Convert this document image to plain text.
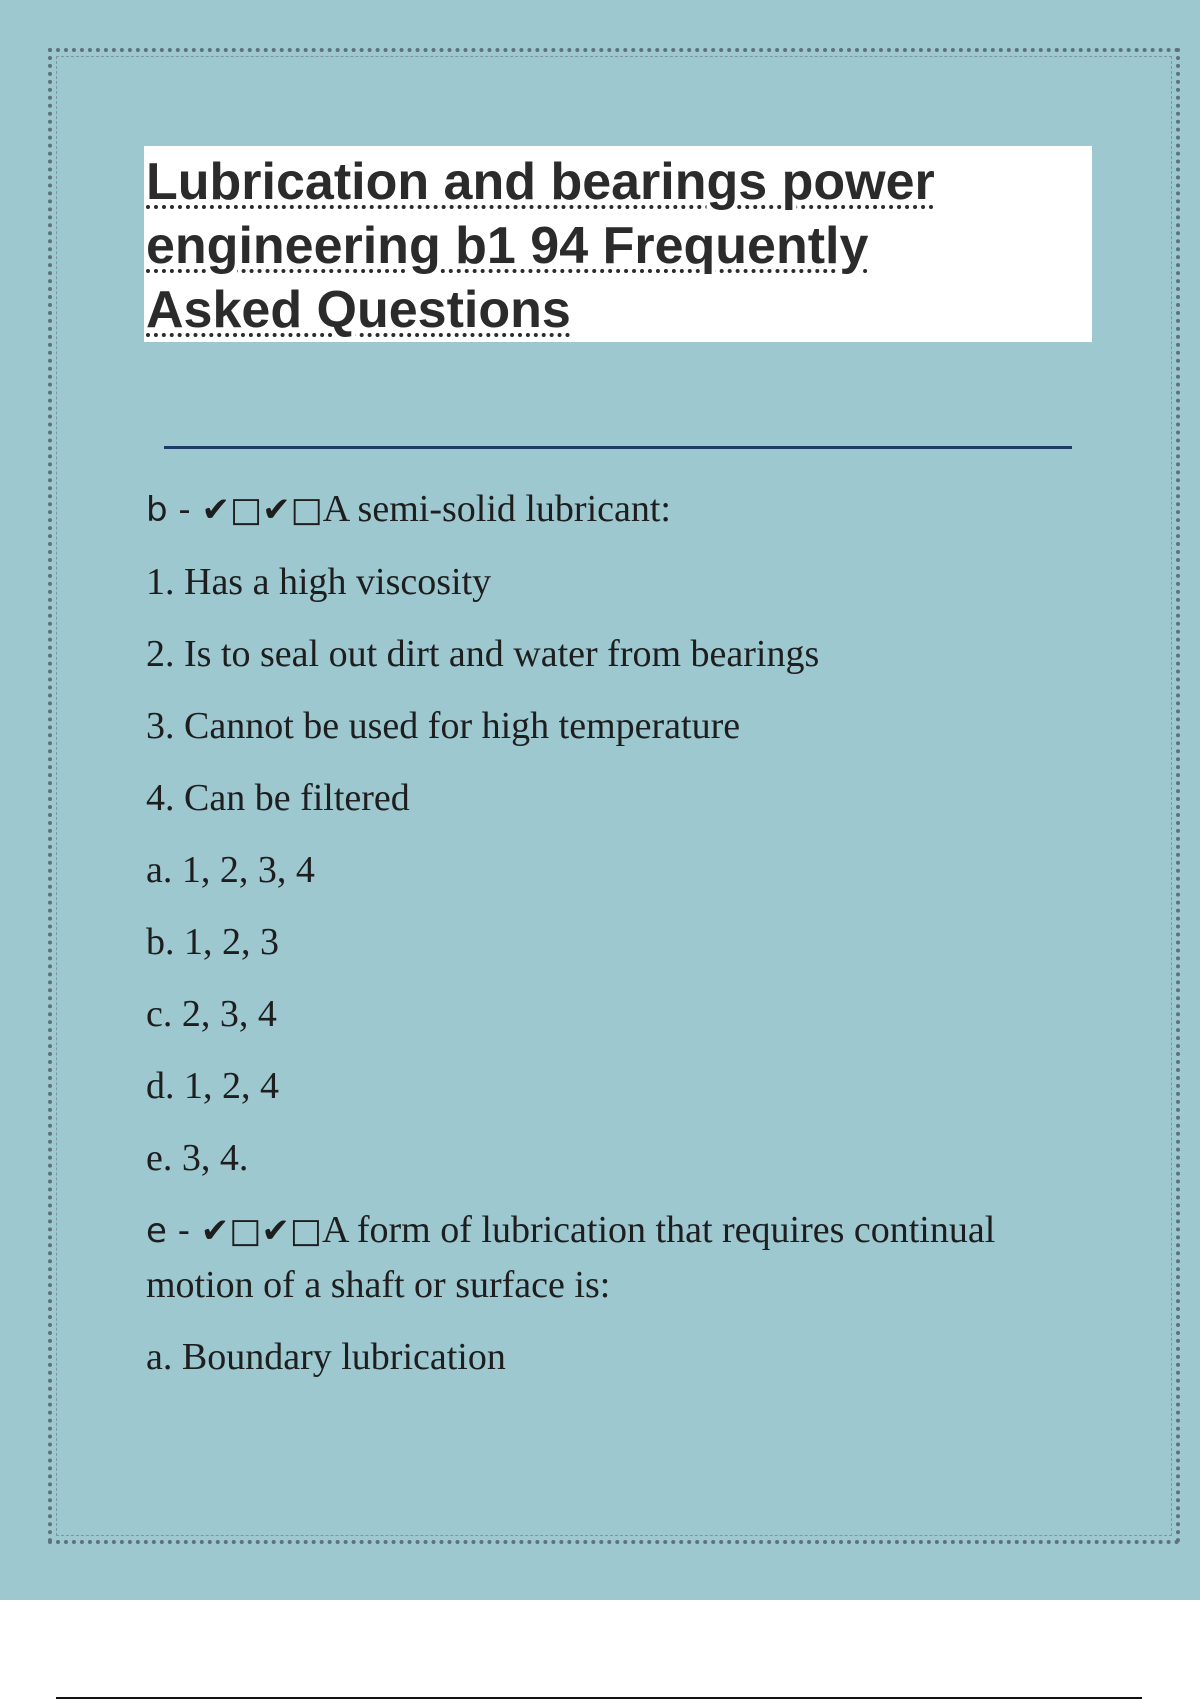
Lubrication and bearings power engineering b1 94 Frequently Asked Questions

b - ✔□✔□A semi-solid lubricant:

1. Has a high viscosity

2. Is to seal out dirt and water from bearings

3. Cannot be used for high temperature

4. Can be filtered

a. 1, 2, 3, 4

b. 1, 2, 3

c. 2, 3, 4

d. 1, 2, 4

e. 3, 4.

e - ✔□✔□A form of lubrication that requires continual motion of a shaft or surface is:

a. Boundary lubrication
